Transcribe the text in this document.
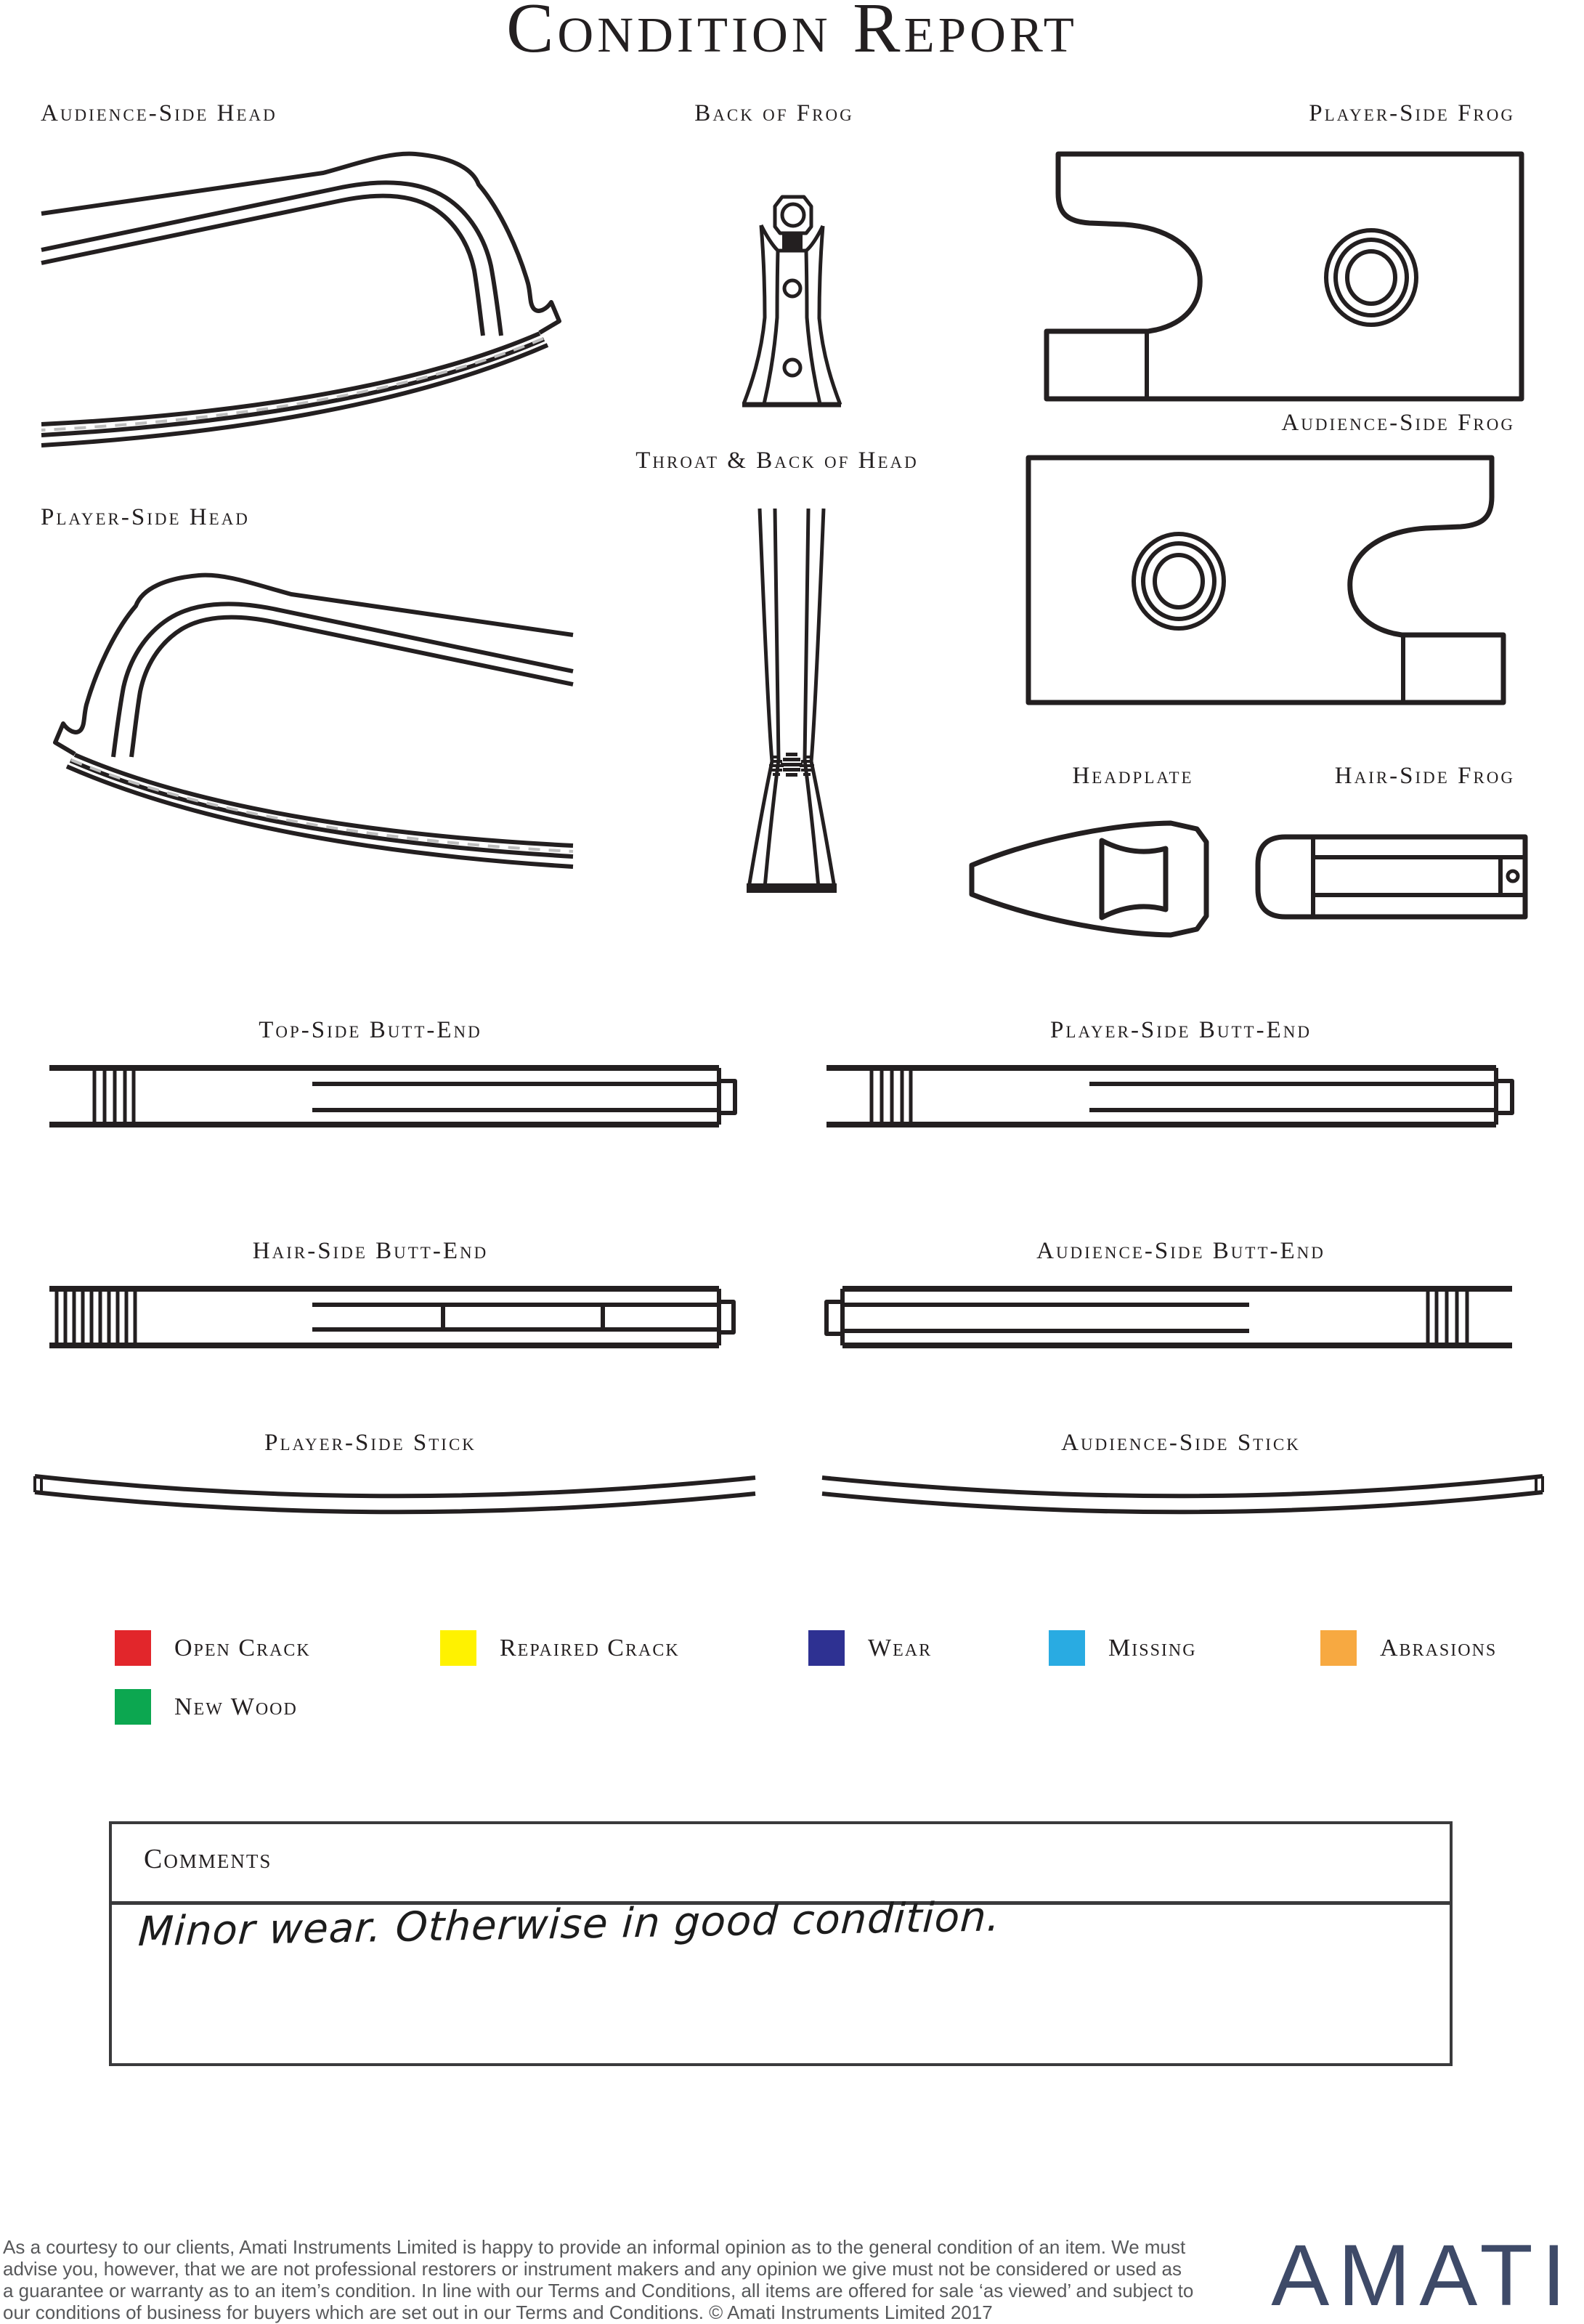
Condition Report
Audience-Side Head	Back of Frog	Player-Side Frog
Audience-Side Frog
Player-Side Head
Throat & Back of Head
Headplate	Hair-Side Frog
Top-Side Butt-End	Player-Side Butt-End
Hair-Side Butt-End	Audience-Side Butt-End
Player-Side Stick	Audience-Side Stick
Open Crack	Repaired Crack	Wear	Missing	Abrasions
New Wood
Comments
Minor wear. Otherwise in good condition.
As a courtesy to our clients, Amati Instruments Limited is happy to provide an informal opinion as to the general condition of an item. We must
advise you, however, that we are not professional restorers or instrument makers and any opinion we give must not be considered or used as
a guarantee or warranty as to an item’s condition. In line with our Terms and Conditions, all items are offered for sale ‘as viewed’ and subject to
our conditions of business for buyers which are set out in our Terms and Conditions. © Amati Instruments Limited 2017	AMATI
